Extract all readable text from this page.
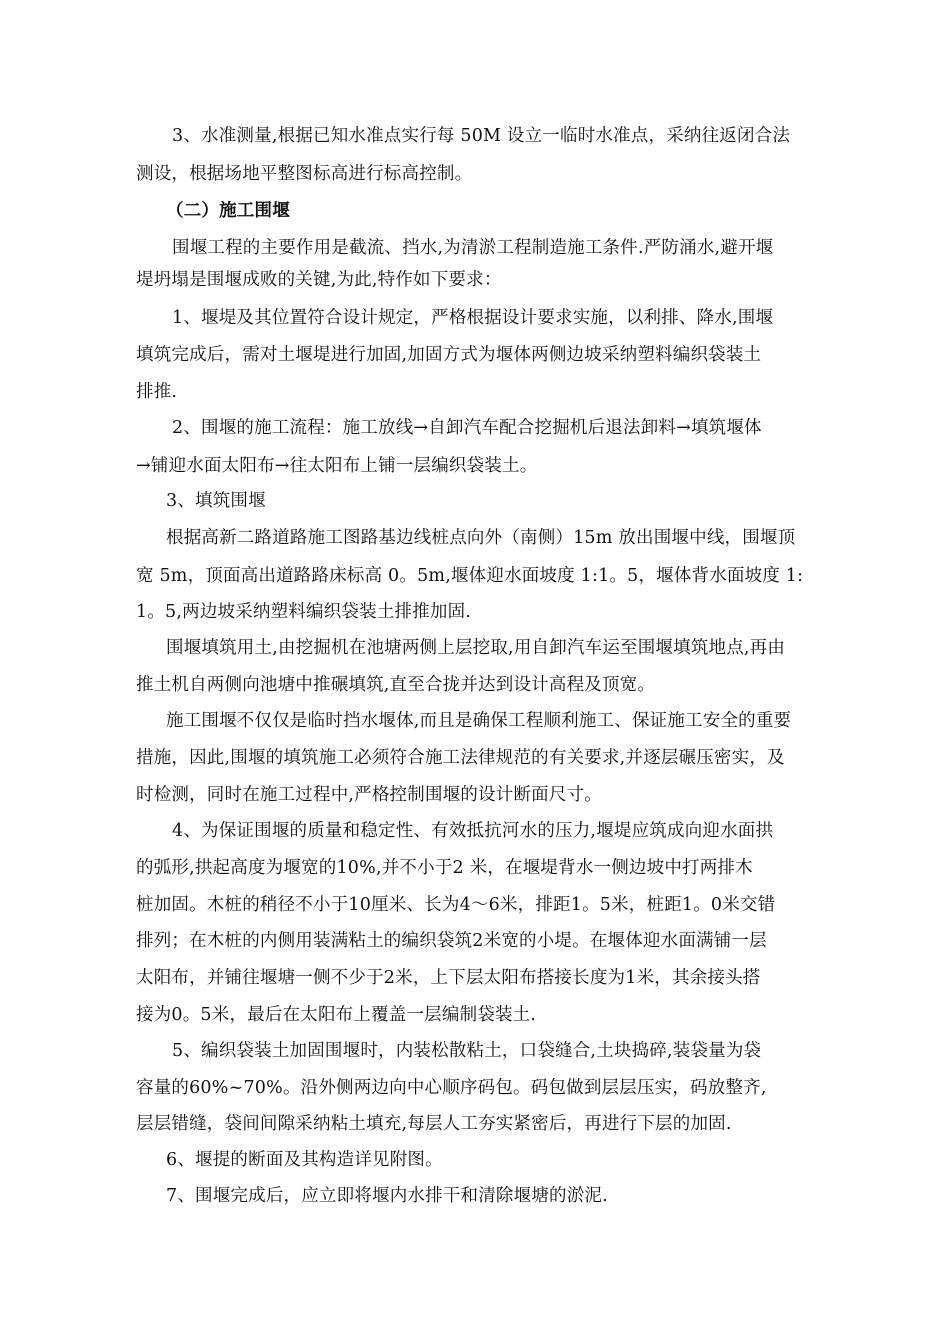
3、水准测量,根据已知水准点实行每 50M 设立一临时水准点，采纳往返闭合法
测设，根据场地平整图标高进行标高控制。
（二）施工围堰
围堰工程的主要作用是截流、挡水,为清淤工程制造施工条件.严防涌水,避开堰
堤坍塌是围堰成败的关键,为此,特作如下要求：
1、堰堤及其位置符合设计规定，严格根据设计要求实施，以利排、降水,围堰
填筑完成后，需对土堰堤进行加固,加固方式为堰体两侧边坡采纳塑料编织袋装土
排推.
2、围堰的施工流程：施工放线→自卸汽车配合挖掘机后退法卸料→填筑堰体
→铺迎水面太阳布→往太阳布上铺一层编织袋装土。
3、填筑围堰
根据高新二路道路施工图路基边线桩点向外（南侧）15m 放出围堰中线，围堰顶
宽 5m，顶面高出道路路床标高 0。5m,堰体迎水面坡度 1:1。5，堰体背水面坡度 1:
1。5,两边坡采纳塑料编织袋装土排推加固.
围堰填筑用土,由挖掘机在池塘两侧上层挖取,用自卸汽车运至围堰填筑地点,再由
推土机自两侧向池塘中推碾填筑,直至合拢并达到设计高程及顶宽。
施工围堰不仅仅是临时挡水堰体,而且是确保工程顺利施工、保证施工安全的重要
措施，因此,围堰的填筑施工必须符合施工法律规范的有关要求,并逐层碾压密实，及
时检测，同时在施工过程中,严格控制围堰的设计断面尺寸。
4、为保证围堰的质量和稳定性、有效抵抗河水的压力,堰堤应筑成向迎水面拱
的弧形,拱起高度为堰宽的10%,并不小于2 米，在堰堤背水一侧边坡中打两排木
桩加固。木桩的稍径不小于10厘米、长为4～6米，排距1。5米，桩距1。0米交错
排列；在木桩的内侧用装满粘土的编织袋筑2米宽的小堤。在堰体迎水面满铺一层
太阳布，并铺往堰塘一侧不少于2米，上下层太阳布搭接长度为1米，其余接头搭
接为0。5米，最后在太阳布上覆盖一层编制袋装土.
5、编织袋装土加固围堰时，内装松散粘土，口袋缝合,土块捣碎,装袋量为袋
容量的60%~70%。沿外侧两边向中心顺序码包。码包做到层层压实，码放整齐,
层层错缝，袋间间隙采纳粘土填充,每层人工夯实紧密后，再进行下层的加固.
6、堰提的断面及其构造详见附图。
7、围堰完成后，应立即将堰内水排干和清除堰塘的淤泥.
